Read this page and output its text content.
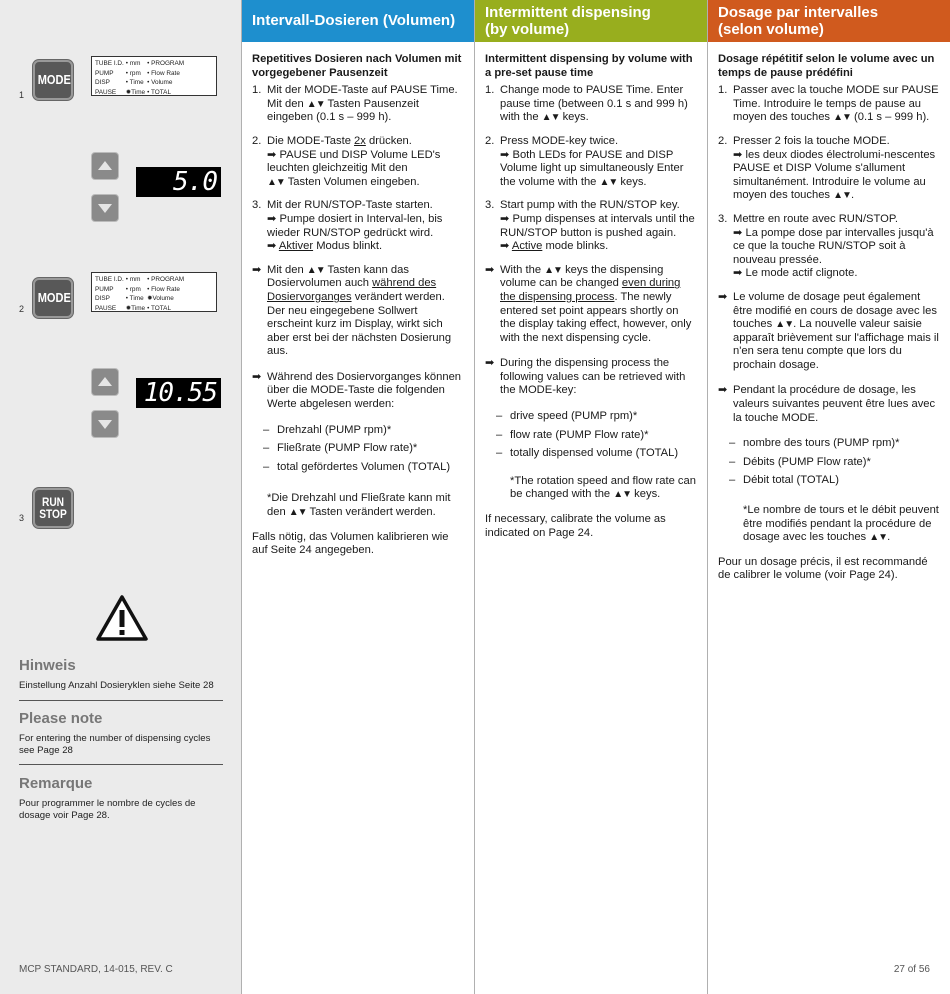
1
MODE
TUBE I.D.	• mm	• PROGRAM
PUMP	• rpm	• Flow Rate
DISP	• Time	• Volume
PAUSE	✹Time	• TOTAL
5.0
2
MODE
TUBE I.D.	• mm	• PROGRAM
PUMP	• rpm	• Flow Rate
DISP	• Time	✹Volume
PAUSE	✹Time	• TOTAL
10.55
3
RUN
STOP
Hinweis

Einstellung Anzahl Dosieryklen siehe Seite 28

Please note

For entering the number of dispensing cycles see Page 28

Remarque

Pour programmer le nombre de cycles de dosage voir Page 28.

MCP STANDARD, 14-015, REV. C
Intervall-Dosieren (Volumen)
Repetitives Dosieren nach Volumen mit vorgegebener Pausenzeit
1. Mit der MODE-Taste auf PAUSE Time. Mit den ▲▼ Tasten Pausenzeit eingeben (0.1 s – 999 h).
2. Die MODE-Taste 2x drücken.
➡ PAUSE und DISP Volume LED's leuchten gleichzeitig Mit den
▲▼ Tasten Volumen eingeben.
3. Mit der RUN/STOP-Taste starten.
➡ Pumpe dosiert in Interval-len, bis wieder RUN/STOP gedrückt wird.
➡ Aktiver Modus blinkt.
➡ Mit den ▲▼ Tasten kann das Dosiervolumen auch während des Dosiervorganges verändert werden. Der neu eingegebene Sollwert erscheint kurz im Display, wirkt sich aber erst bei der nächsten Dosierung aus.
➡ Während des Dosiervorganges können über die MODE-Taste die folgenden Werte abgelesen werden:
– Drehzahl (PUMP rpm)*
– Fließrate (PUMP Flow rate)*
– total gefördertes Volumen (TOTAL)
*Die Drehzahl und Fließrate kann mit den ▲▼ Tasten verändert werden.
Falls nötig, das Volumen kalibrieren wie auf Seite 24 angegeben.
Intermittent dispensing
(by volume)
Intermittent dispensing by volume with a pre-set pause time
1. Change mode to PAUSE Time. Enter pause time (between 0.1 s and 999 h) with the ▲▼ keys.
2. Press MODE-key twice.
➡ Both LEDs for PAUSE and DISP Volume light up simultaneously Enter the volume with the ▲▼ keys.
3. Start pump with the RUN/STOP key.
➡ Pump dispenses at intervals until the RUN/STOP button is pushed again.
➡ Active mode blinks.
➡ With the ▲▼ keys the dispensing volume can be changed even during the dispensing process. The newly entered set point appears shortly on the display taking effect, however, only with the next dispensing cycle.
➡ During the dispensing process the following values can be retrieved with the MODE-key:
– drive speed (PUMP rpm)*
– flow rate (PUMP Flow rate)*
– totally dispensed volume (TOTAL)
*The rotation speed and flow rate can be changed with the ▲▼ keys.
If necessary, calibrate the volume as indicated on Page 24.
Dosage par intervalles
(selon volume)
Dosage répétitif selon le volume avec un temps de pause prédéfini
1. Passer avec la touche MODE sur PAUSE Time. Introduire le temps de pause au moyen des touches ▲▼ (0.1 s – 999 h).
2. Presser 2 fois la touche MODE.
➡ les deux diodes électrolumi-nescentes PAUSE et DISP Volume s'allument simultanément. Introduire le volume au moyen des touches ▲▼.
3. Mettre en route avec RUN/STOP.
➡ La pompe dose par intervalles jusqu'à ce que la touche RUN/STOP soit à nouveau pressée.
➡ Le mode actif clignote.
➡ Le volume de dosage peut également être modifié en cours de dosage avec les touches ▲▼. La nouvelle valeur saisie apparaît brièvement sur l'affichage mais il n'en sera tenu compte que lors du prochain dosage.
➡ Pendant la procédure de dosage, les valeurs suivantes peuvent être lues avec la touche MODE.
– nombre des tours (PUMP rpm)*
– Débits (PUMP Flow rate)*
– Débit total (TOTAL)
*Le nombre de tours et le débit peuvent être modifiés pendant la procédure de dosage avec les touches ▲▼.
Pour un dosage précis, il est recommandé de calibrer le volume (voir Page 24).
27 of 56
